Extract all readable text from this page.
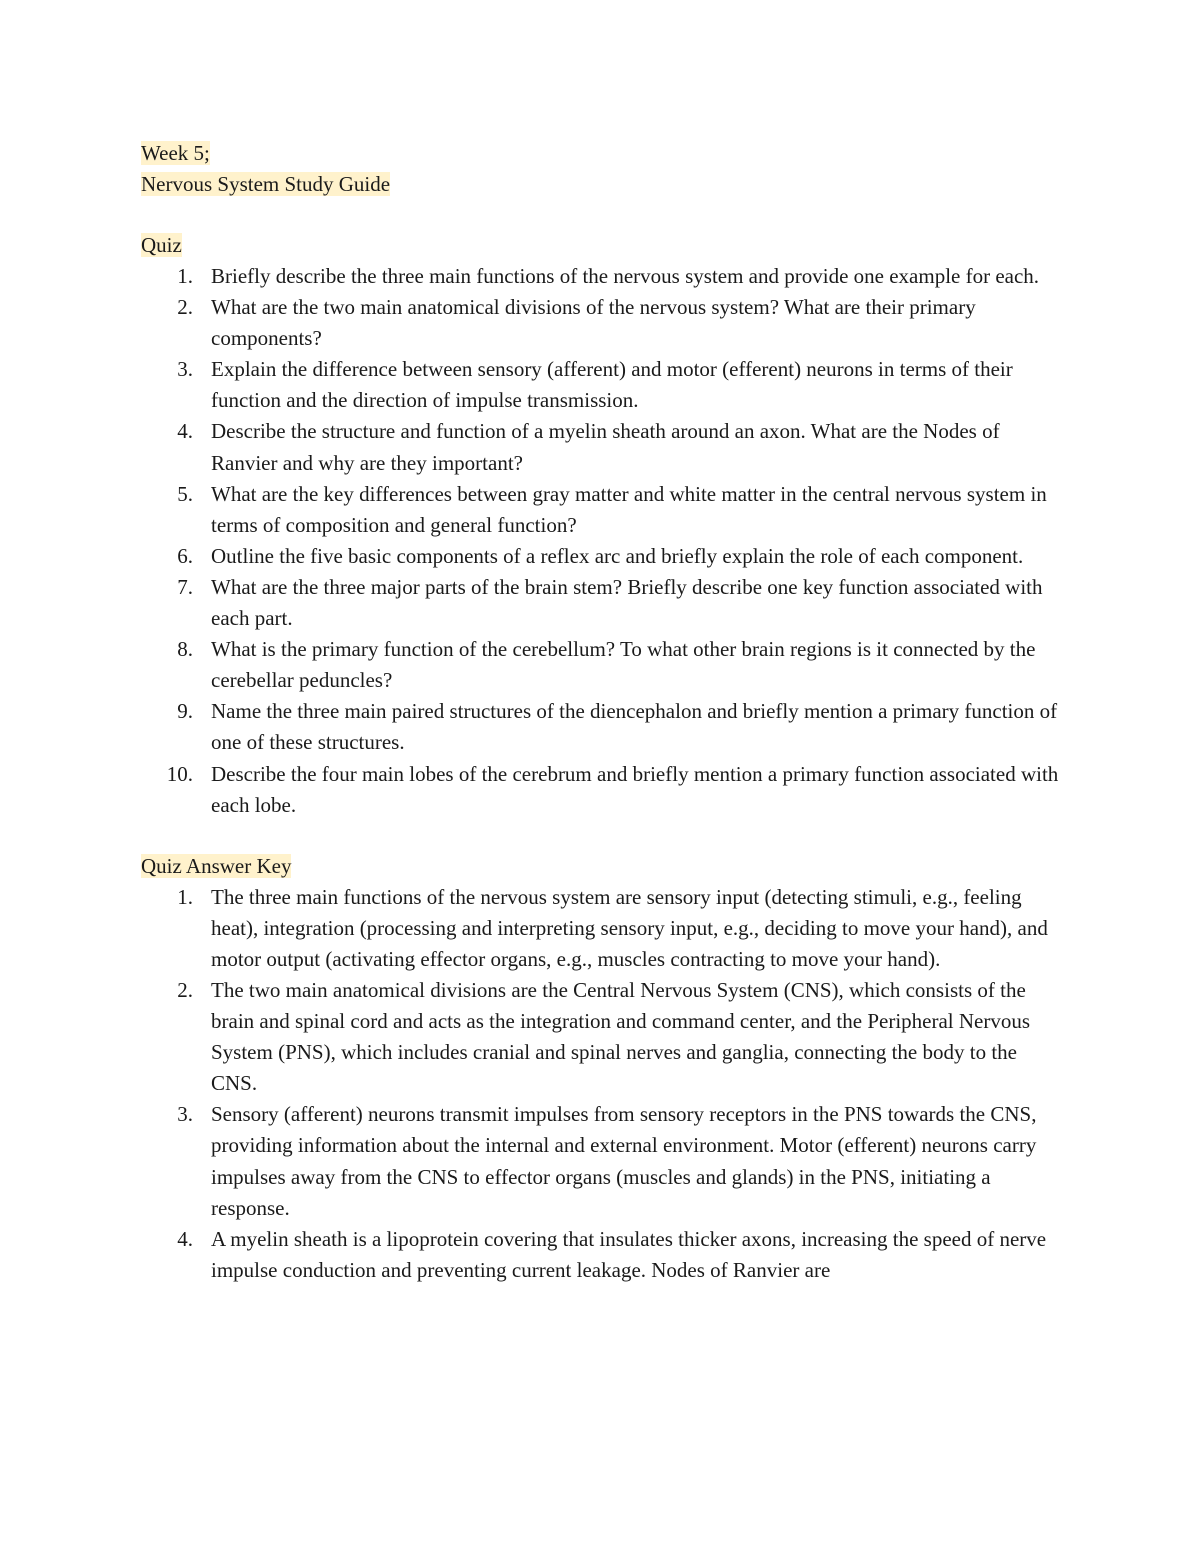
Week 5;
Nervous System Study Guide
Quiz
1. Briefly describe the three main functions of the nervous system and provide one example for each.
2. What are the two main anatomical divisions of the nervous system? What are their primary components?
3. Explain the difference between sensory (afferent) and motor (efferent) neurons in terms of their function and the direction of impulse transmission.
4. Describe the structure and function of a myelin sheath around an axon. What are the Nodes of Ranvier and why are they important?
5. What are the key differences between gray matter and white matter in the central nervous system in terms of composition and general function?
6. Outline the five basic components of a reflex arc and briefly explain the role of each component.
7. What are the three major parts of the brain stem? Briefly describe one key function associated with each part.
8. What is the primary function of the cerebellum? To what other brain regions is it connected by the cerebellar peduncles?
9. Name the three main paired structures of the diencephalon and briefly mention a primary function of one of these structures.
10. Describe the four main lobes of the cerebrum and briefly mention a primary function associated with each lobe.
Quiz Answer Key
1. The three main functions of the nervous system are sensory input (detecting stimuli, e.g., feeling heat), integration (processing and interpreting sensory input, e.g., deciding to move your hand), and motor output (activating effector organs, e.g., muscles contracting to move your hand).
2. The two main anatomical divisions are the Central Nervous System (CNS), which consists of the brain and spinal cord and acts as the integration and command center, and the Peripheral Nervous System (PNS), which includes cranial and spinal nerves and ganglia, connecting the body to the CNS.
3. Sensory (afferent) neurons transmit impulses from sensory receptors in the PNS towards the CNS, providing information about the internal and external environment. Motor (efferent) neurons carry impulses away from the CNS to effector organs (muscles and glands) in the PNS, initiating a response.
4. A myelin sheath is a lipoprotein covering that insulates thicker axons, increasing the speed of nerve impulse conduction and preventing current leakage. Nodes of Ranvier are
